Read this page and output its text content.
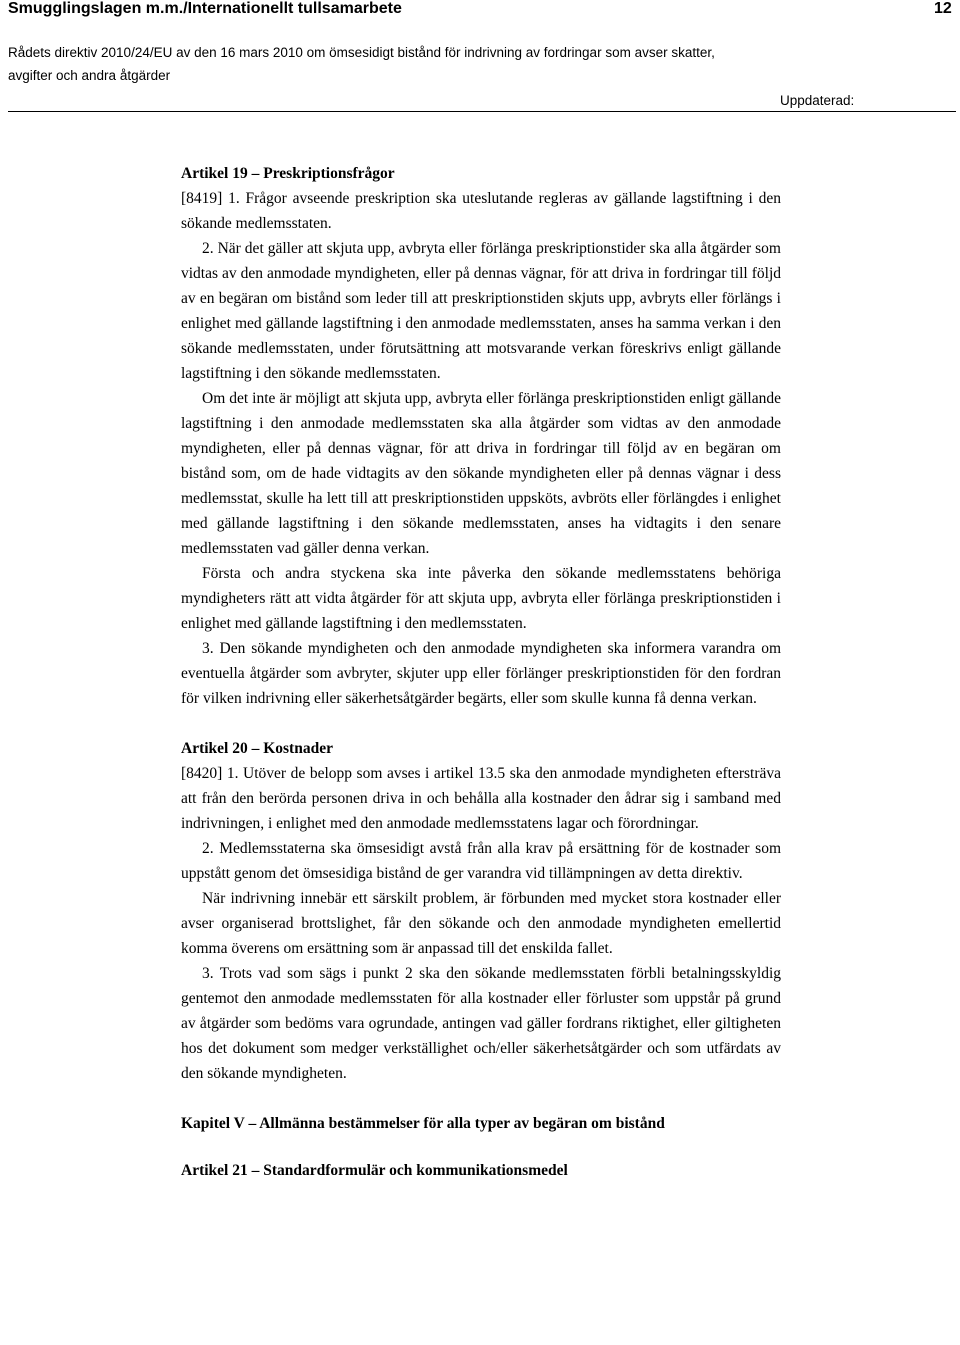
Smugglingslagen m.m./Internationellt tullsamarbete	12
Rådets direktiv 2010/24/EU av den 16 mars 2010 om ömsesidigt bistånd för indrivning av fordringar som avser skatter,
avgifter och andra åtgärder
Uppdaterad:

Artikel 19 – Preskriptionsfrågor

[8419] 1. Frågor avseende preskription ska uteslutande regleras av gällande lagstiftning i den sökande medlemsstaten.

2. När det gäller att skjuta upp, avbryta eller förlänga preskriptionstider ska alla åtgärder som vidtas av den anmodade myndigheten, eller på dennas vägnar, för att driva in fordringar till följd av en begäran om bistånd som leder till att preskriptionstiden skjuts upp, avbryts eller förlängs i enlighet med gällande lagstiftning i den anmodade medlemsstaten, anses ha samma verkan i den sökande medlemsstaten, under förutsättning att motsvarande verkan föreskrivs enligt gällande lagstiftning i den sökande medlemsstaten.

Om det inte är möjligt att skjuta upp, avbryta eller förlänga preskriptionstiden enligt gällande lagstiftning i den anmodade medlemsstaten ska alla åtgärder som vidtas av den anmodade myndigheten, eller på dennas vägnar, för att driva in fordringar till följd av en begäran om bistånd som, om de hade vidtagits av den sökande myndigheten eller på dennas vägnar i dess medlemsstat, skulle ha lett till att preskriptionstiden uppsköts, avbröts eller förlängdes i enlighet med gällande lagstiftning i den sökande medlemsstaten, anses ha vidtagits i den senare medlemsstaten vad gäller denna verkan.

Första och andra styckena ska inte påverka den sökande medlemsstatens behöriga myndigheters rätt att vidta åtgärder för att skjuta upp, avbryta eller förlänga preskriptionstiden i enlighet med gällande lagstiftning i den medlemsstaten.

3. Den sökande myndigheten och den anmodade myndigheten ska informera varandra om eventuella åtgärder som avbryter, skjuter upp eller förlänger preskriptionstiden för den fordran för vilken indrivning eller säkerhetsåtgärder begärts, eller som skulle kunna få denna verkan.

Artikel 20 – Kostnader

[8420] 1. Utöver de belopp som avses i artikel 13.5 ska den anmodade myndigheten eftersträva att från den berörda personen driva in och behålla alla kostnader den ådrar sig i samband med indrivningen, i enlighet med den anmodade medlemsstatens lagar och förordningar.

2. Medlemsstaterna ska ömsesidigt avstå från alla krav på ersättning för de kostnader som uppstått genom det ömsesidiga bistånd de ger varandra vid tillämpningen av detta direktiv.

När indrivning innebär ett särskilt problem, är förbunden med mycket stora kostnader eller avser organiserad brottslighet, får den sökande och den anmodade myndigheten emellertid komma överens om ersättning som är anpassad till det enskilda fallet.

3. Trots vad som sägs i punkt 2 ska den sökande medlemsstaten förbli betalningsskyldig gentemot den anmodade medlemsstaten för alla kostnader eller förluster som uppstår på grund av åtgärder som bedöms vara ogrundade, antingen vad gäller fordrans riktighet, eller giltigheten hos det dokument som medger verkställighet och/eller säkerhetsåtgärder och som utfärdats av den sökande myndigheten.

Kapitel V – Allmänna bestämmelser för alla typer av begäran om bistånd

Artikel 21 – Standardformulär och kommunikationsmedel
